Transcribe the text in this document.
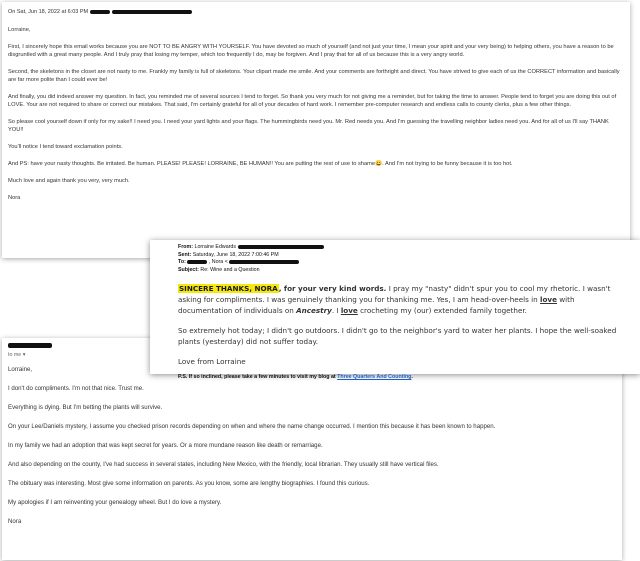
On Sat, Jun 18, 2022 at 6:03 PM
Lorraine,
First, I sincerely hope this email works because you are NOT TO BE ANGRY WITH YOURSELF. You have devoted so much of yourself (and not just your time, I mean your spirit and your very being) to helping others, you have a reason to be disgruntled with a great many people. And I truly pray that losing my temper, which too frequently I do, may be forgiven. And I pray that for all of us because this is a very angry world.
Second, the skeletons in the closet are not nasty to me. Frankly my family is full of skeletons. Your clipart made me smile. And your comments are forthright and direct. You have strived to give each of us the CORRECT information and basically are far more polite than I could ever be!
And finally, you did indeed answer my question. In fact, you reminded me of several sources I tend to forget. So thank you very much for not giving me a reminder, but for taking the time to answer. People tend to forget you are doing this out of LOVE. Your are not required to share or correct our mistakes. That said, I'm certainly grateful for all of your decades of hard work. I remember pre-computer research and endless calls to county clerks, plus a few other things.
So please cool yourself down if only for my sake!! I need you. I need your yard lights and your flags. The hummingbirds need you. Mr. Red needs you. And I'm guessing the travelling neighbor ladies need you. And for all of us I'll say THANK YOU!!
You'll notice I tend toward exclamation points.
And PS: have your nasty thoughts. Be irritated. Be human. PLEASE! PLEASE! LORRAINE, BE HUMAN!! You are putting the rest of use to shame😀. And I'm not trying to be funny because it is too hot.
Much love and again thank you very, very much.
Nora
to me ▾
Lorraine,
I don't do compliments. I'm not that nice. Trust me.
Everything is dying. But I'm betting the plants will survive.
On your Lee/Daniels mystery, I assume you checked prison records depending on when and where the name change occurred. I mention this because it has been known to happen.
In my family we had an adoption that was kept secret for years. Or a more mundane reason like death or remarriage.
And also depending on the county, I've had success in several states, including New Mexico, with the friendly, local librarian. They usually still have vertical files.
The obituary was interesting. Most give some information on parents. As you know, some are lengthy biographies. I found this curious.
My apologies if I am reinventing your genealogy wheel. But I do love a mystery.
Nora
From: Lorraine Edwards
Sent: Saturday, June 18, 2022 7:00:46 PM
To:	, Nora <
Subject: Re: Wine and a Question

SINCERE THANKS, NORA, for your very kind words. I pray my "nasty" didn't spur you to cool my rhetoric. I wasn't asking for compliments. I was genuinely thanking you for thanking me. Yes, I am head-over-heels in love with documentation of individuals on Ancestry. I love crocheting my (our) extended family together.

So extremely hot today; I didn't go outdoors. I didn't go to the neighbor's yard to water her plants. I hope the well-soaked plants (yesterday) did not suffer today.

Love from Lorraine

P.S. If so inclined, please take a few minutes to visit my blog at Three Quarters And Counting.
